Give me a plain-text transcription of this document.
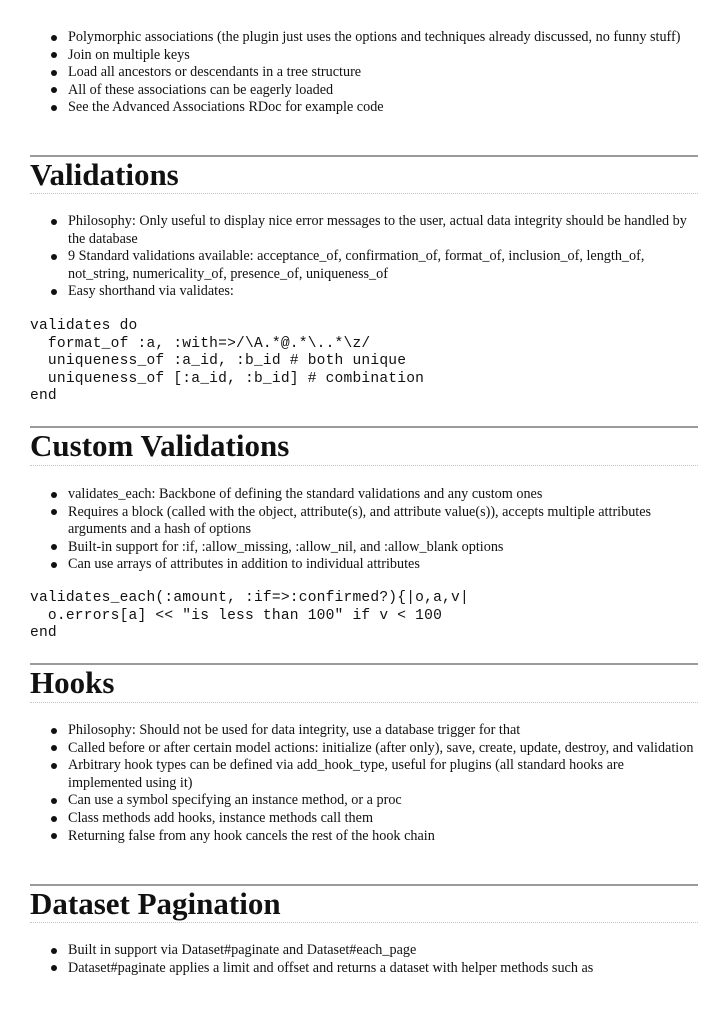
Polymorphic associations (the plugin just uses the options and techniques already discussed, no funny stuff)
Join on multiple keys
Load all ancestors or descendants in a tree structure
All of these associations can be eagerly loaded
See the Advanced Associations RDoc for example code
Validations
Philosophy: Only useful to display nice error messages to the user, actual data integrity should be handled by the database
9 Standard validations available: acceptance_of, confirmation_of, format_of, inclusion_of, length_of, not_string, numericality_of, presence_of, uniqueness_of
Easy shorthand via validates:
validates do
format_of :a, :with=>/\A.*@.*\..*\z/
uniqueness_of :a_id, :b_id # both unique
uniqueness_of [:a_id, :b_id] # combination
end
Custom Validations
validates_each: Backbone of defining the standard validations and any custom ones
Requires a block (called with the object, attribute(s), and attribute value(s)), accepts multiple attributes arguments and a hash of options
Built-in support for :if, :allow_missing, :allow_nil, and :allow_blank options
Can use arrays of attributes in addition to individual attributes
validates_each(:amount, :if=>:confirmed?){|o,a,v|
o.errors[a] << "is less than 100" if v < 100
end
Hooks
Philosophy: Should not be used for data integrity, use a database trigger for that
Called before or after certain model actions: initialize (after only), save, create, update, destroy, and validation
Arbitrary hook types can be defined via add_hook_type, useful for plugins (all standard hooks are implemented using it)
Can use a symbol specifying an instance method, or a proc
Class methods add hooks, instance methods call them
Returning false from any hook cancels the rest of the hook chain
Dataset Pagination
Built in support via Dataset#paginate and Dataset#each_page
Dataset#paginate applies a limit and offset and returns a dataset with helper methods such as
